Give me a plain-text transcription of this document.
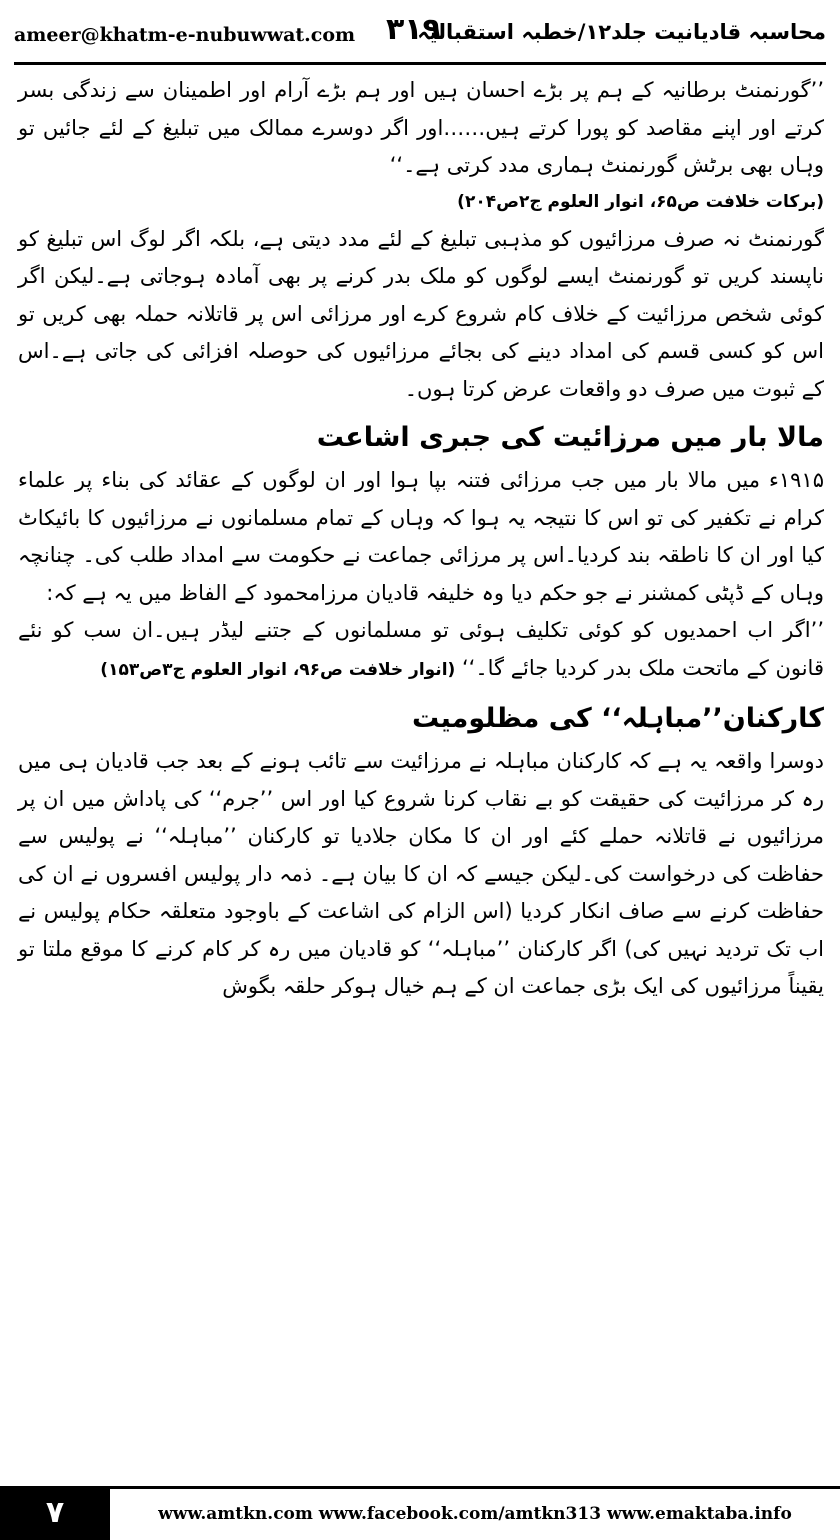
ameer@khatm-e-nubuwwat.com ۳۱۹
محاسبہ قادیانیت جلد۱۲/خطبہ استقبالیہ

’’گورنمنٹ برطانیہ کے ہم پر بڑے احسان ہیں اور ہم بڑے آرام اور اطمینان سے زندگی بسر کرتے اور اپنے مقاصد کو پورا کرتے ہیں……اور اگر دوسرے ممالک میں تبلیغ کے لئے جائیں تو وہاں بھی برٹش گورنمنٹ ہماری مدد کرتی ہے۔‘‘

(برکات خلافت ص۶۵، انوار العلوم ج۲ص۲۰۴)

گورنمنٹ نہ صرف مرزائیوں کو مذہبی تبلیغ کے لئے مدد دیتی ہے، بلکہ اگر لوگ اس تبلیغ کو ناپسند کریں تو گورنمنٹ ایسے لوگوں کو ملک بدر کرنے پر بھی آمادہ ہوجاتی ہے۔لیکن اگر کوئی شخص مرزائیت کے خلاف کام شروع کرے اور مرزائی اس پر قاتلانہ حملہ بھی کریں تو اس کو کسی قسم کی امداد دینے کی بجائے مرزائیوں کی حوصلہ افزائی کی جاتی ہے۔اس کے ثبوت میں صرف دو واقعات عرض کرتا ہوں۔

مالا بار میں مرزائیت کی جبری اشاعت

۱۹۱۵ء میں مالا بار میں جب مرزائی فتنہ بپا ہوا اور ان لوگوں کے عقائد کی بناء پر علماء کرام نے تکفیر کی تو اس کا نتیجہ یہ ہوا کہ وہاں کے تمام مسلمانوں نے مرزائیوں کا بائیکاٹ کیا اور ان کا ناطقہ بند کردیا۔اس پر مرزائی جماعت نے حکومت سے امداد طلب کی۔ چنانچہ وہاں کے ڈپٹی کمشنر نے جو حکم دیا وہ خلیفہ قادیان مرزامحمود کے الفاظ میں یہ ہے کہ:

’’اگر اب احمدیوں کو کوئی تکلیف ہوئی تو مسلمانوں کے جتنے لیڈر ہیں۔ان سب کو نئے قانون کے ماتحت ملک بدر کردیا جائے گا۔‘‘ (انوار خلافت ص۹۶، انوار العلوم ج۳ص۱۵۳)

کارکنان’’مباہلہ‘‘ کی مظلومیت

دوسرا واقعہ یہ ہے کہ کارکنان مباہلہ نے مرزائیت سے تائب ہونے کے بعد جب قادیان ہی میں رہ کر مرزائیت کی حقیقت کو بے نقاب کرنا شروع کیا اور اس ’’جرم‘‘ کی پاداش میں ان پر مرزائیوں نے قاتلانہ حملے کئے اور ان کا مکان جلادیا تو کارکنان ’’مباہلہ‘‘ نے پولیس سے حفاظت کی درخواست کی۔لیکن جیسے کہ ان کا بیان ہے۔ ذمہ دار پولیس افسروں نے ان کی حفاظت کرنے سے صاف انکار کردیا (اس الزام کی اشاعت کے باوجود متعلقہ حکام پولیس نے اب تک تردید نہیں کی) اگر کارکنان ’’مباہلہ‘‘ کو قادیان میں رہ کر کام کرنے کا موقع ملتا تو یقیناً مرزائیوں کی ایک بڑی جماعت ان کے ہم خیال ہوکر حلقہ بگوش

۷	www.amtkn.com www.facebook.com/amtkn313 www.emaktaba.info
